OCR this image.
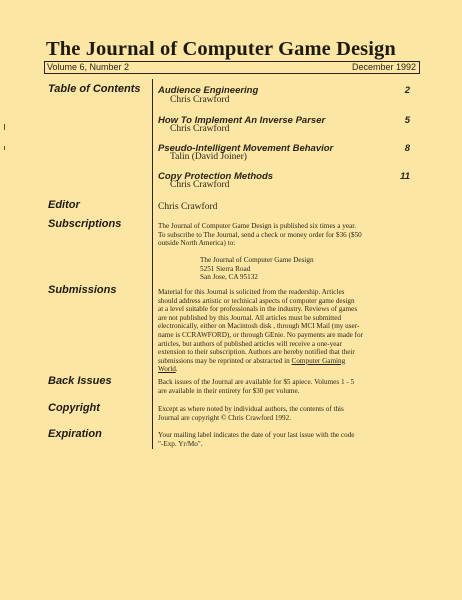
The Journal of Computer Game Design
Volume 6, Number 2	December 1992
Table of Contents
Editor
Subscriptions
Submissions
Back Issues
Copyright
Expiration
Audience Engineering
Chris Crawford
2
How To Implement An Inverse Parser
Chris Crawford
5
Pseudo-Intelligent Movement Behavior
Talin (David Joiner)
8
Copy Protection Methods
Chris Crawford
11
Chris Crawford
The Journal of Computer Game Design is published six times a year.
To subscribe to The Journal, send a check or money order for $36 ($50
outside North America) to:
The Journal of Computer Game Design
5251 Sierra Road
San Jose, CA 95132
Material for this Journal is solicited from the readership. Articles
should address artistic or technical aspects of computer game design
at a level suitable for professionals in the industry. Reviews of games
are not published by this Journal. All articles must be submitted
electronically, either on Macintosh disk , through MCI Mail (my user-
name is CCRAWFORD), or through GEnie. No payments are made for
articles, but authors of published articles will receive a one-year
extension to their subscription. Authors are hereby notified that their
submissions may be reprinted or abstracted in Computer Gaming
World.
Back issues of the Journal are available for $5 apiece. Volumes 1 - 5
are available in their entirety for $30 per volume.
Except as where noted by individual authors, the contents of this
Journal are copyright © Chris Crawford 1992.
Your mailing label indicates the date of your last issue with the code
"-Exp. Yr/Mo".
